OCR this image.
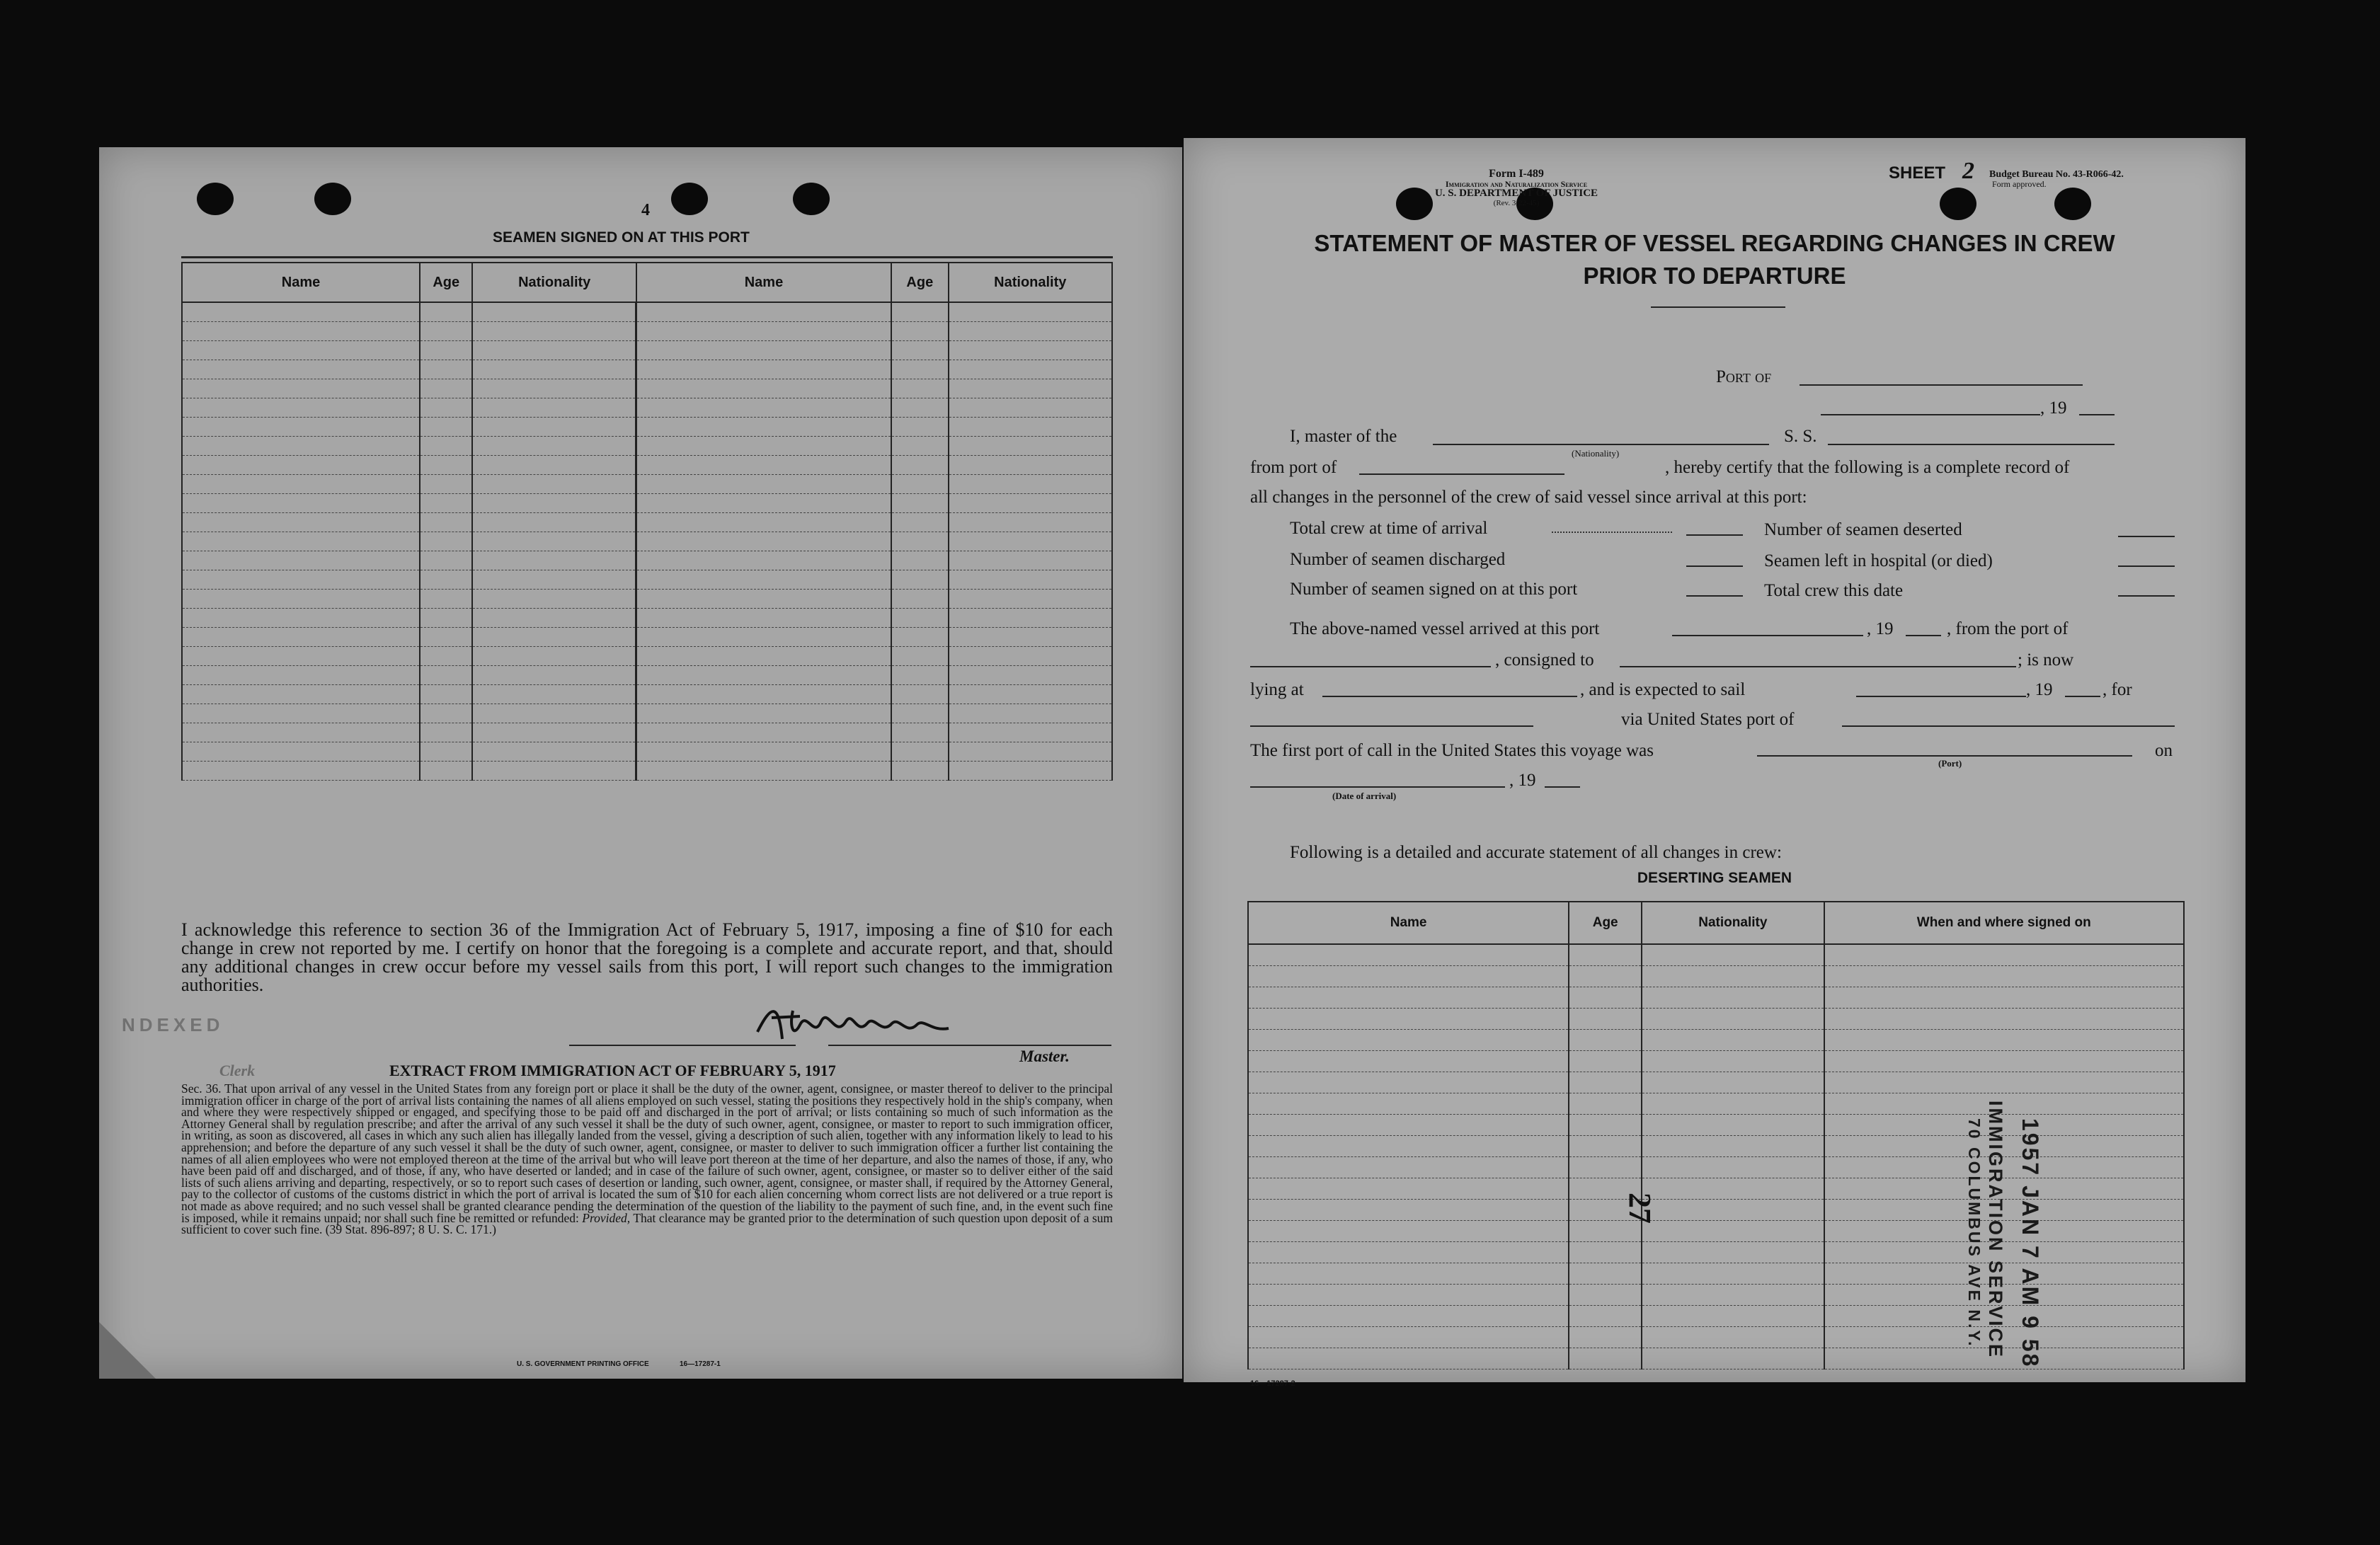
4
SEAMEN SIGNED ON AT THIS PORT
Name	Age	Nationality	Name	Age	Nationality

I acknowledge this reference to section 36 of the Immigration Act of February 5, 1917, imposing a fine of $10 for each change in crew not reported by me. I certify on honor that the foregoing is a complete and accurate report, and that, should any additional changes in crew occur before my vessel sails from this port, I will report such changes to the immigration authorities.
NDEXED
Master.
Clerk	EXTRACT FROM IMMIGRATION ACT OF FEBRUARY 5, 1917
Sec. 36. That upon arrival of any vessel in the United States from any foreign port or place it shall be the duty of the owner, agent, consignee, or master thereof to deliver to the principal immigration officer in charge of the port of arrival lists containing the names of all aliens employed on such vessel, stating the positions they respectively hold in the ship's company, when and where they were respectively shipped or engaged, and specifying those to be paid off and discharged in the port of arrival; or lists containing so much of such information as the Attorney General shall by regulation prescribe; and after the arrival of any such vessel it shall be the duty of such owner, agent, consignee, or master to report to such immigration officer, in writing, as soon as discovered, all cases in which any such alien has illegally landed from the vessel, giving a description of such alien, together with any information likely to lead to his apprehension; and before the departure of any such vessel it shall be the duty of such owner, agent, consignee, or master to deliver to such immigration officer a further list containing the names of all alien employees who were not employed thereon at the time of the arrival but who will leave port thereon at the time of her departure, and also the names of those, if any, who have been paid off and discharged, and of those, if any, who have deserted or landed; and in case of the failure of such owner, agent, consignee, or master so to deliver either of the said lists of such aliens arriving and departing, respectively, or so to report such cases of desertion or landing, such owner, agent, consignee, or master shall, if required by the Attorney General, pay to the collector of customs of the customs district in which the port of arrival is located the sum of $10 for each alien concerning whom correct lists are not delivered or a true report is not made as above required; and no such vessel shall be granted clearance pending the determination of the question of the liability to the payment of such fine, and, in the event such fine is imposed, while it remains unpaid; nor shall such fine be remitted or refunded: Provided, That clearance may be granted prior to the determination of such question upon deposit of a sum sufficient to cover such fine. (39 Stat. 896-897; 8 U. S. C. 171.)
U. S. GOVERNMENT PRINTING OFFICE	16—17287-1
Form I-489
Immigration and Naturalization Service
U. S. DEPARTMENT OF JUSTICE
(Rev. 3-22-45)
SHEET 2 Budget Bureau No. 43-R066-42.
Form approved.
STATEMENT OF MASTER OF VESSEL REGARDING CHANGES IN CREW
PRIOR TO DEPARTURE
Port of
, 19
I, master of the	S. S.
(Nationality)
from port of	, hereby certify that the following is a complete record of
all changes in the personnel of the crew of said vessel since arrival at this port:
Total crew at time of arrival	Number of seamen deserted
Number of seamen discharged	Seamen left in hospital (or died)
Number of seamen signed on at this port	Total crew this date
The above-named vessel arrived at this port	, 19	, from the port of
, consigned to	; is now
lying at	, and is expected to sail	, 19	, for
via United States port of
The first port of call in the United States this voyage was	on
(Port)
, 19
(Date of arrival)
Following is a detailed and accurate statement of all changes in crew:
DESERTING SEAMEN
Name	Age	Nationality	When and where signed on

27	1957 JAN 7 AM 9 58
IMMIGRATION SERVICE
70 COLUMBUS AVE N.Y.
16—17287-2
